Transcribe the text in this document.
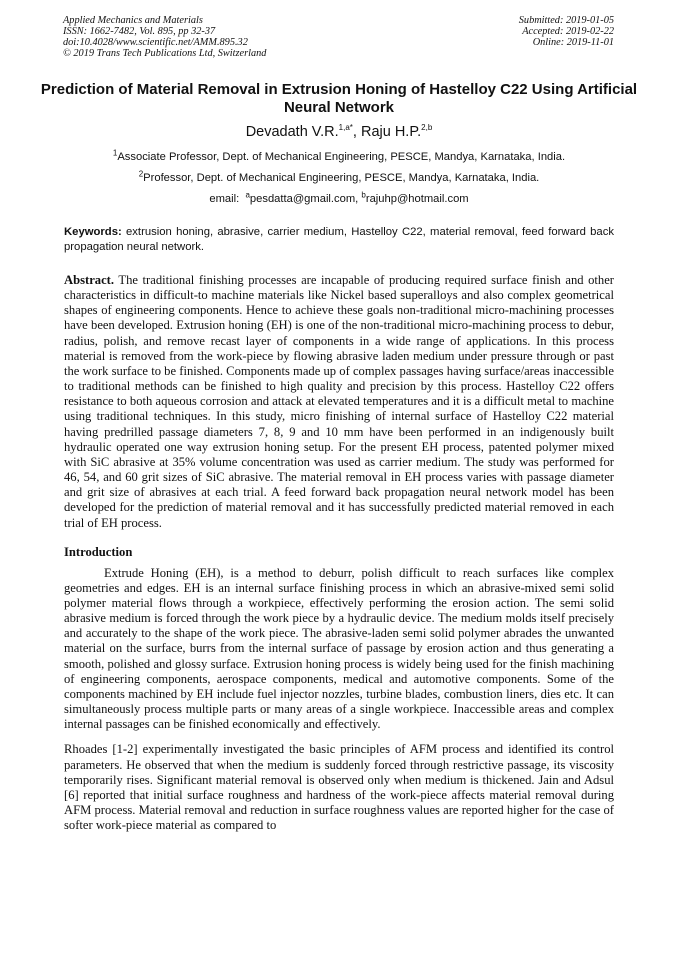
Applied Mechanics and Materials
ISSN: 1662-7482, Vol. 895, pp 32-37
doi:10.4028/www.scientific.net/AMM.895.32
© 2019 Trans Tech Publications Ltd, Switzerland
Submitted: 2019-01-05
Accepted: 2019-02-22
Online: 2019-11-01
Prediction of Material Removal in Extrusion Honing of Hastelloy C22 Using Artificial Neural Network
Devadath V.R.$^{1,a*}$, Raju H.P.$^{2,b}$
$^1$Associate Professor, Dept. of Mechanical Engineering, PESCE, Mandya, Karnataka, India.
$^2$Professor, Dept. of Mechanical Engineering, PESCE, Mandya, Karnataka, India.
email:  $^a$pesdatta@gmail.com, $^b$rajuhp@hotmail.com
Keywords: extrusion honing, abrasive, carrier medium, Hastelloy C22, material removal, feed forward back propagation neural network.
Abstract. The traditional finishing processes are incapable of producing required surface finish and other characteristics in difficult-to machine materials like Nickel based superalloys and also complex geometrical shapes of engineering components. Hence to achieve these goals non-traditional micro-machining processes have been developed. Extrusion honing (EH) is one of the non-traditional micro-machining process to debur, radius, polish, and remove recast layer of components in a wide range of applications. In this process material is removed from the work-piece by flowing abrasive laden medium under pressure through or past the work surface to be finished. Components made up of complex passages having surface/areas inaccessible to traditional methods can be finished to high quality and precision by this process. Hastelloy C22 offers resistance to both aqueous corrosion and attack at elevated temperatures and it is a difficult metal to machine using traditional techniques. In this study, micro finishing of internal surface of Hastelloy C22 material having predrilled passage diameters 7, 8, 9 and 10 mm have been performed in an indigenously built hydraulic operated one way extrusion honing setup. For the present EH process, patented polymer mixed with SiC abrasive at 35% volume concentration was used as carrier medium. The study was performed for 46, 54, and 60 grit sizes of SiC abrasive. The material removal in EH process varies with passage diameter and grit size of abrasives at each trial. A feed forward back propagation neural network model has been developed for the prediction of material removal and it has successfully predicted material removed in each trial of EH process.
Introduction
Extrude Honing (EH), is a method to deburr, polish difficult to reach surfaces like complex geometries and edges. EH is an internal surface finishing process in which an abrasive-mixed semi solid polymer material flows through a workpiece, effectively performing the erosion action. The semi solid abrasive medium is forced through the work piece by a hydraulic device. The medium molds itself precisely and accurately to the shape of the work piece. The abrasive-laden semi solid polymer abrades the unwanted material on the surface, burrs from the internal surface of passage by erosion action and thus generating a smooth, polished and glossy surface. Extrusion honing process is widely being used for the finish machining of engineering components, aerospace components, medical and automotive components. Some of the components machined by EH include fuel injector nozzles, turbine blades, combustion liners, dies etc. It can simultaneously process multiple parts or many areas of a single workpiece. Inaccessible areas and complex internal passages can be finished economically and effectively.
Rhoades [1-2] experimentally investigated the basic principles of AFM process and identified its control parameters. He observed that when the medium is suddenly forced through restrictive passage, its viscosity temporarily rises. Significant material removal is observed only when medium is thickened. Jain and Adsul [6] reported that initial surface roughness and hardness of the work-piece affects material removal during AFM process. Material removal and reduction in surface roughness values are reported higher for the case of softer work-piece material as compared to
